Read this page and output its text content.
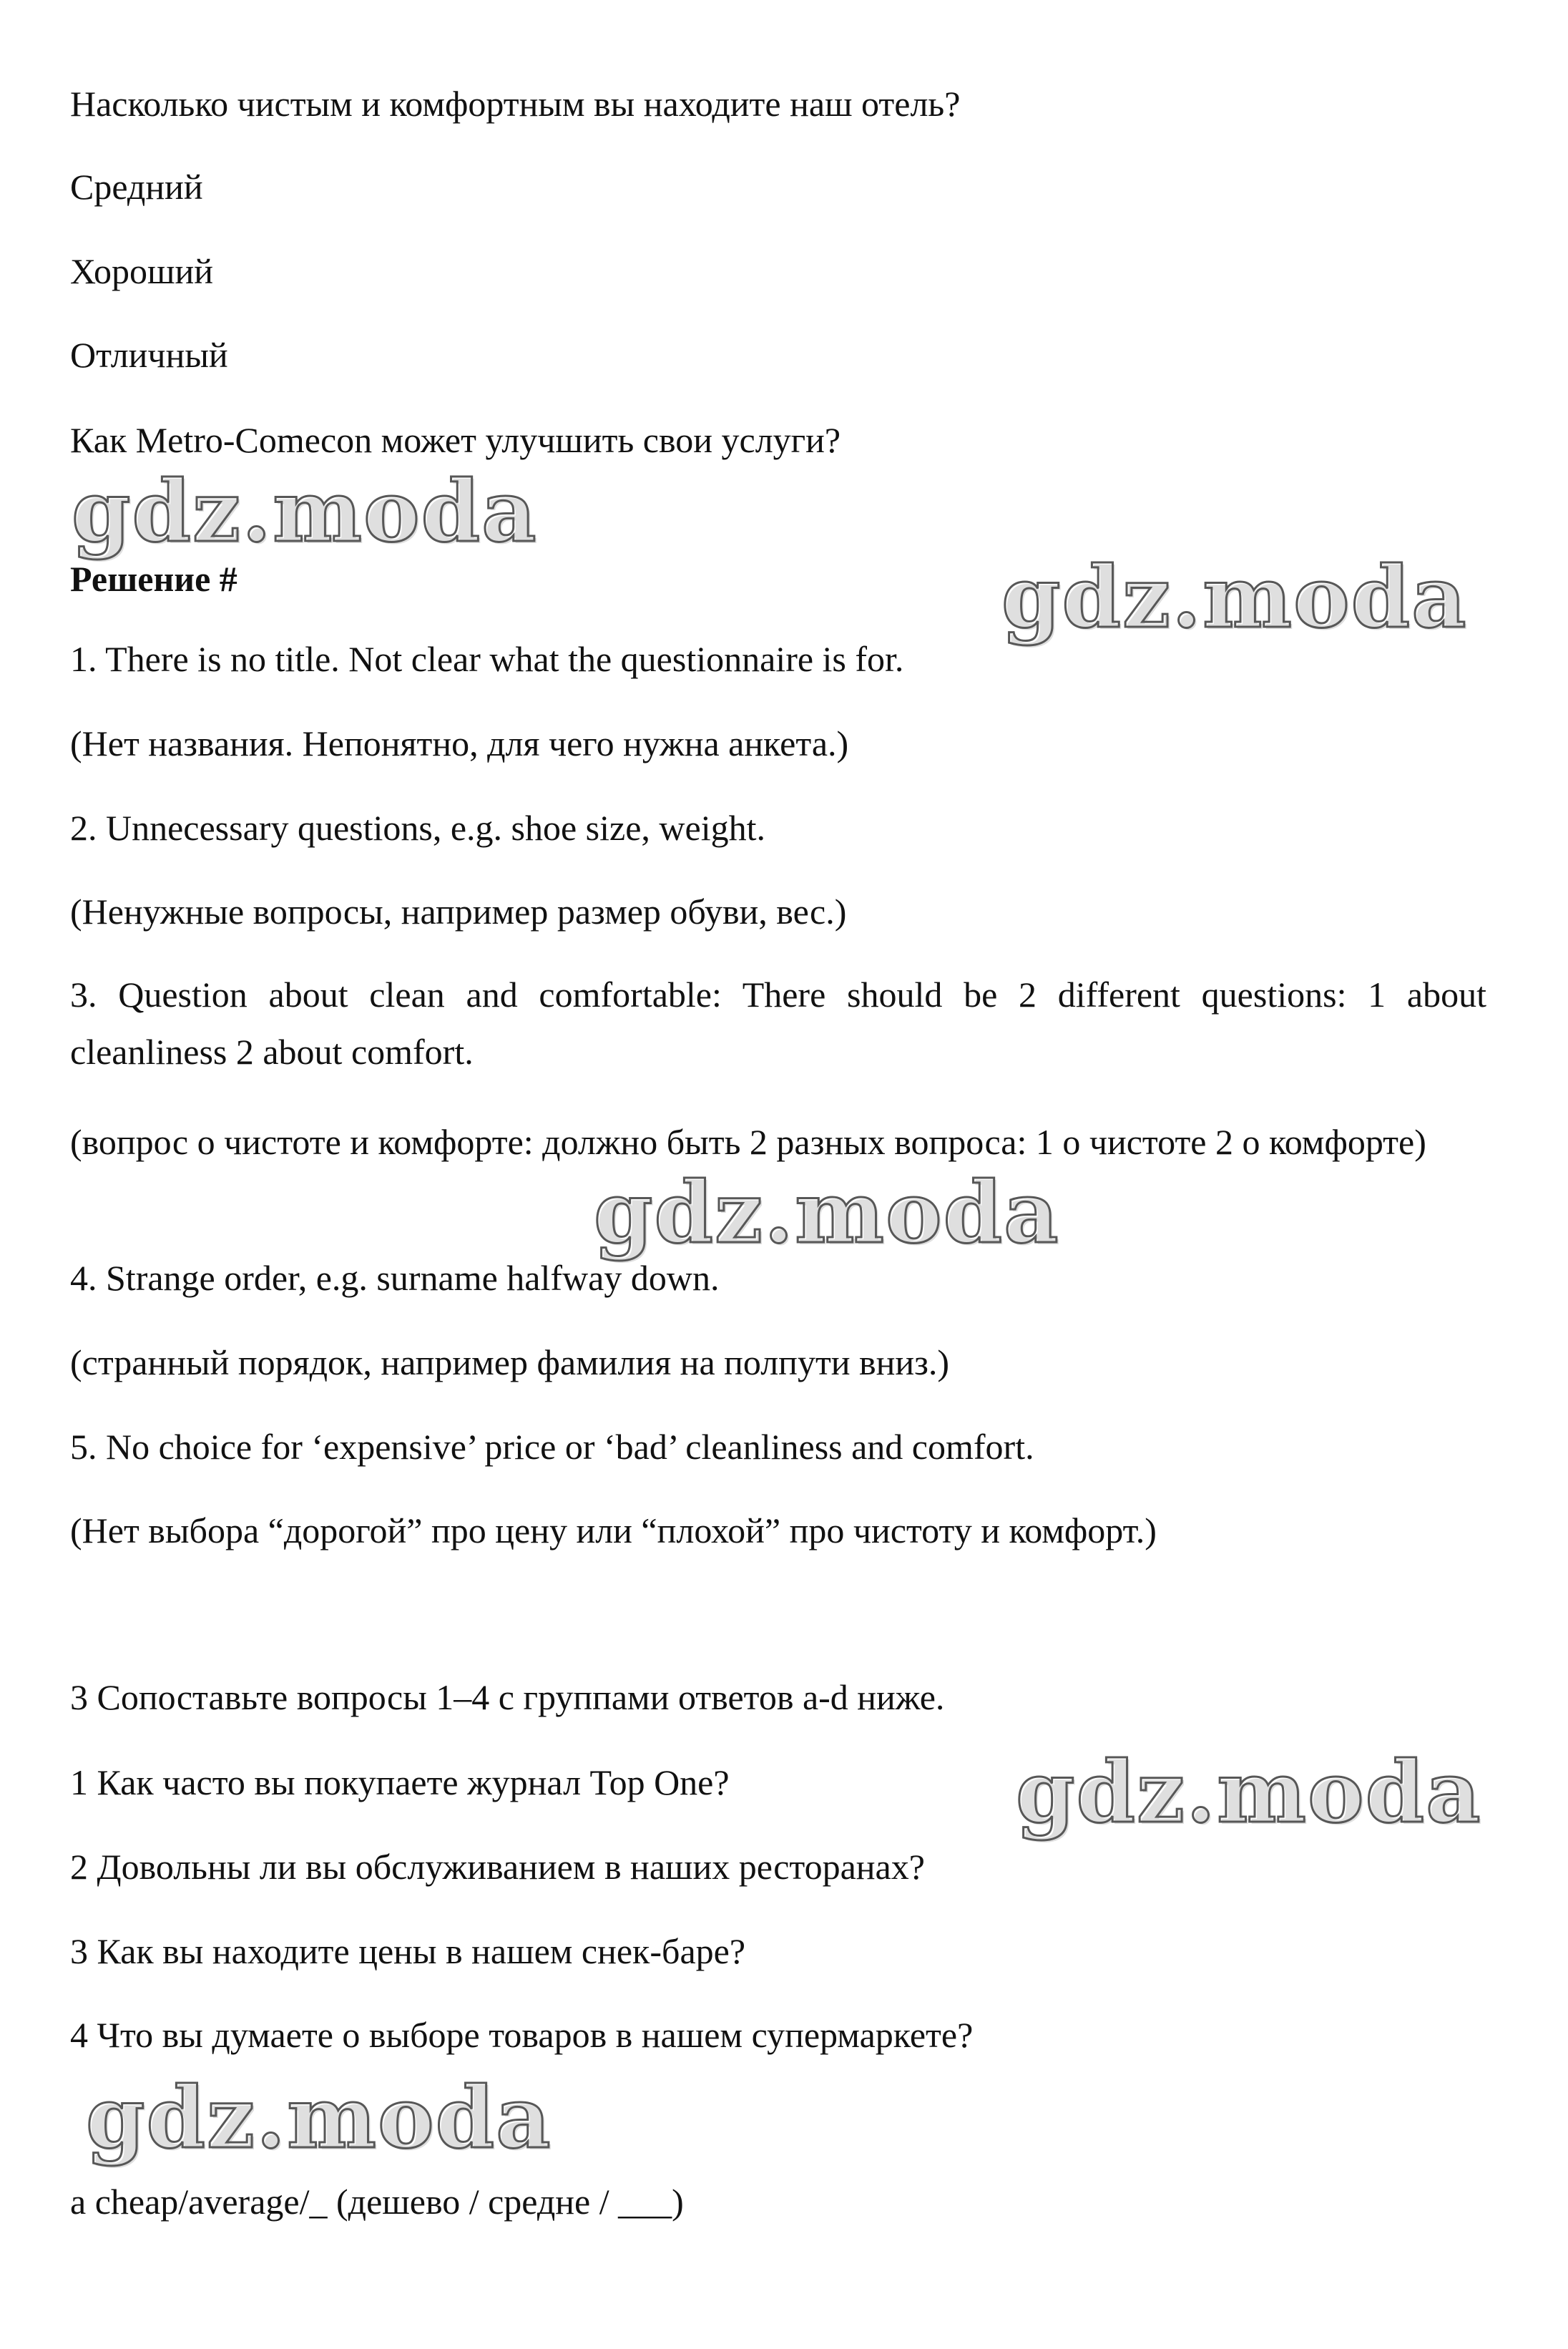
Насколько чистым и комфортным вы находите наш отель?
Средний
Хороший
Отличный
Как Metro-Comecon может улучшить свои услуги?
Решение #
1. There is no title. Not clear what the questionnaire is for.
(Нет названия. Непонятно, для чего нужна анкета.)
2. Unnecessary questions, e.g. shoe size, weight.
(Ненужные вопросы, например размер обуви, вес.)
3. Question about clean and comfortable: There should be 2 different questions: 1 about cleanliness 2 about comfort.
(вопрос о чистоте и комфорте: должно быть 2 разных вопроса: 1 о чистоте 2 о комфорте)
4. Strange order, e.g. surname halfway down.
(странный порядок, например фамилия на полпути вниз.)
5. No choice for ‘expensive’ price or ‘bad’ cleanliness and comfort.
(Нет выбора “дорогой” про цену или “плохой” про чистоту и комфорт.)
3 Сопоставьте вопросы 1–4 с группами ответов a-d ниже.
1 Как часто вы покупаете журнал Top One?
2 Довольны ли вы обслуживанием в наших ресторанах?
3 Как вы находите цены в нашем снек-баре?
4 Что вы думаете о выборе товаров в нашем супермаркете?
a cheap/average/_ (дешево / средне / ___)
gdz.moda
gdz.moda
gdz.moda
gdz.moda
gdz.moda
